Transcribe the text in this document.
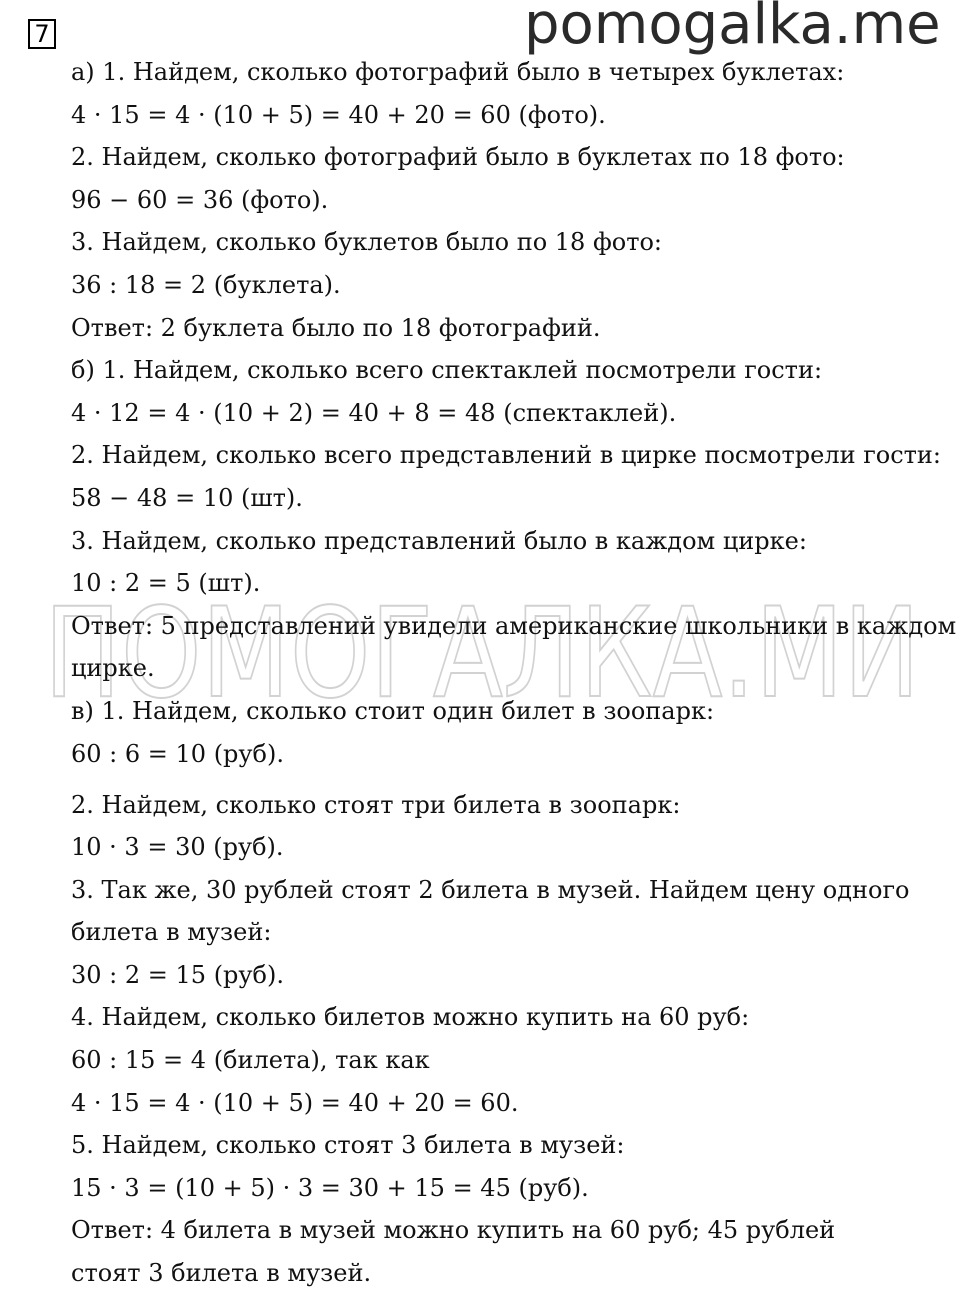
7	pomogalka.me
ПОМОГАЛКА.МИ
а) 1. Найдем, сколько фотографий было в четырех буклетах:
4 · 15 = 4 · (10 + 5) = 40 + 20 = 60 (фото).
2. Найдем, сколько фотографий было в буклетах по 18 фото:
96 − 60 = 36 (фото).
3. Найдем, сколько буклетов было по 18 фото:
36 : 18 = 2 (буклета).
Ответ: 2 буклета было по 18 фотографий.
б) 1. Найдем, сколько всего спектаклей посмотрели гости:
4 · 12 = 4 · (10 + 2) = 40 + 8 = 48 (спектаклей).
2. Найдем, сколько всего представлений в цирке посмотрели гости:
58 − 48 = 10 (шт).
3. Найдем, сколько представлений было в каждом цирке:
10 : 2 = 5 (шт).
Ответ: 5 представлений увидели американские школьники в каждом
цирке.
в) 1. Найдем, сколько стоит один билет в зоопарк:
60 : 6 = 10 (руб).
2. Найдем, сколько стоят три билета в зоопарк:
10 · 3 = 30 (руб).
3. Так же, 30 рублей стоят 2 билета в музей. Найдем цену одного
билета в музей:
30 : 2 = 15 (руб).
4. Найдем, сколько билетов можно купить на 60 руб:
60 : 15 = 4 (билета), так как
4 · 15 = 4 · (10 + 5) = 40 + 20 = 60.
5. Найдем, сколько стоят 3 билета в музей:
15 · 3 = (10 + 5) · 3 = 30 + 15 = 45 (руб).
Ответ: 4 билета в музей можно купить на 60 руб; 45 рублей
стоят 3 билета в музей.
